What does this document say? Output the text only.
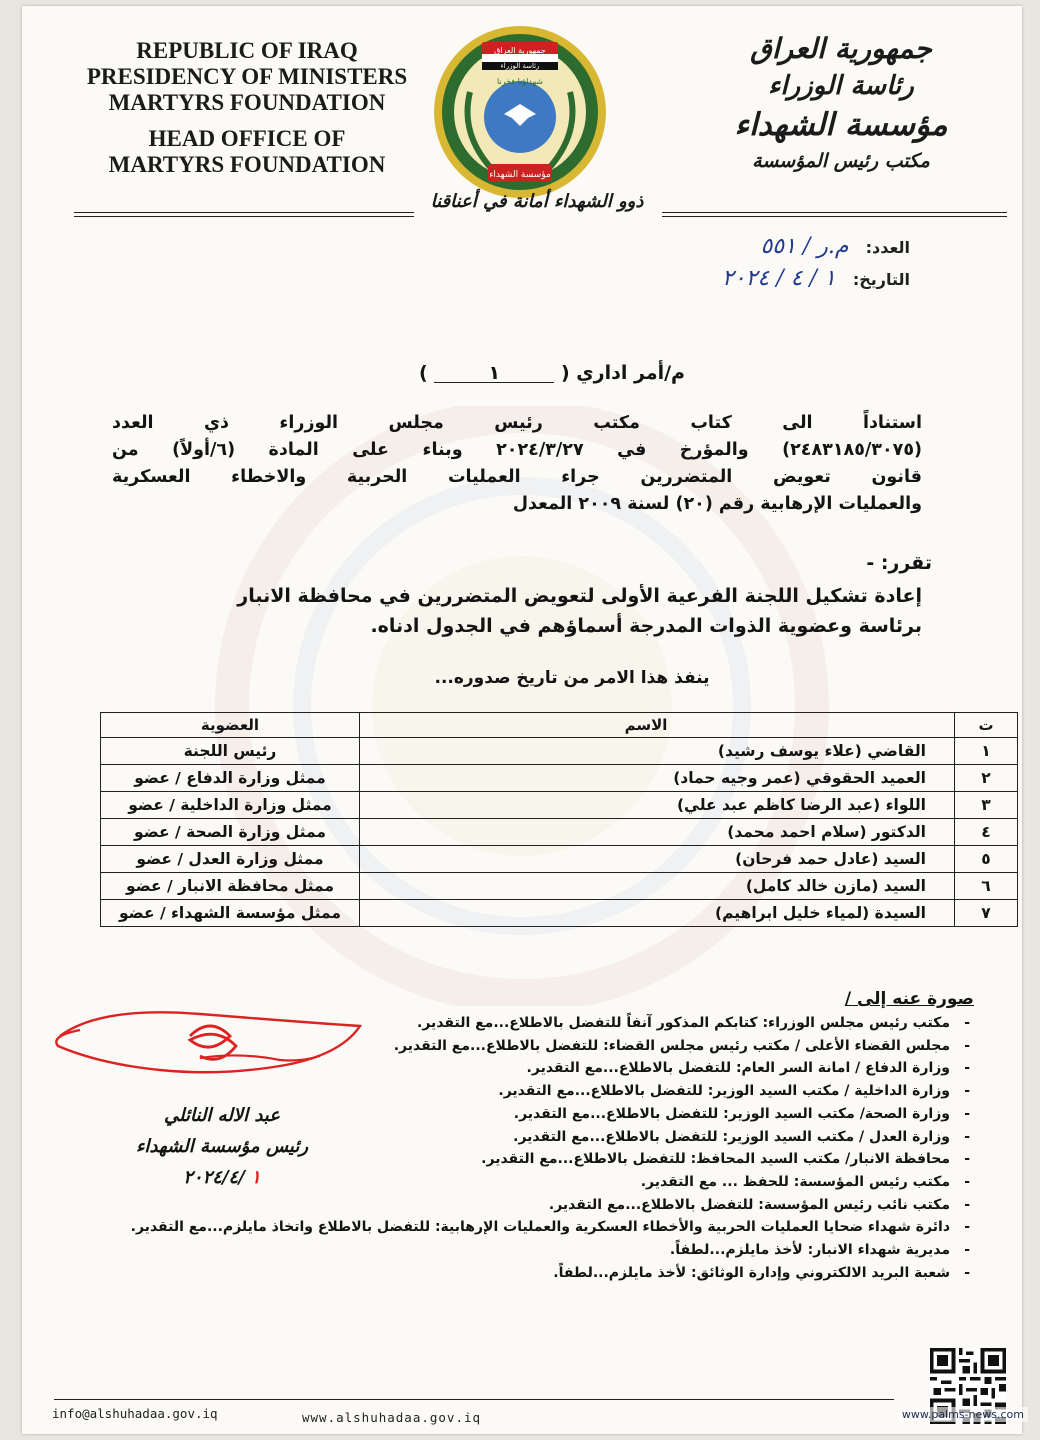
REPUBLIC OF IRAQ
PRESIDENCY OF MINISTERS
MARTYRS FOUNDATION
HEAD OFFICE OF
MARTYRS FOUNDATION
جمهورية العراق
رئاسة الوزراء
شهداؤنا فخرنا
مؤسسة الشهداء
جمهورية العراق
رئاسة الوزراء
مؤسسة الشهداء
مكتب رئيس المؤسسة
ذوو الشهداء أمانة في أعناقنا
العدد: م.ر / ٥٥١
التاريخ: ١ / ٤ / ٢٠٢٤
م/أمر اداري ( ١ )
استناداً الى كتاب مكتب رئيس مجلس الوزراء ذي العدد
(٢٤٨٣١٨٥/٣٠٧٥) والمؤرخ في ٢٠٢٤/٣/٢٧ وبناء على المادة (٦/أولاً) من
قانون تعويض المتضررين جراء العمليات الحربية والاخطاء العسكرية
والعمليات الإرهابية رقم (٢٠) لسنة ٢٠٠٩ المعدل
تقرر: -
إعادة تشكيل اللجنة الفرعية الأولى لتعويض المتضررين في محافظة الانبار
برئاسة وعضوية الذوات المدرجة أسماؤهم في الجدول ادناه.
ينفذ هذا الامر من تاريخ صدوره...
ت	الاسم	العضوية
١	القاضي (علاء يوسف رشيد)	رئيس اللجنة
٢	العميد الحقوقي (عمر وجيه حماد)	ممثل وزارة الدفاع / عضو
٣	اللواء (عبد الرضا كاظم عبد علي)	ممثل وزارة الداخلية / عضو
٤	الدكتور (سلام احمد محمد)	ممثل وزارة الصحة / عضو
٥	السيد (عادل حمد فرحان)	ممثل وزارة العدل / عضو
٦	السيد (مازن خالد كامل)	ممثل محافظة الانبار / عضو
٧	السيدة (لمياء خليل ابراهيم)	ممثل مؤسسة الشهداء / عضو
عبد الاله النائلي
رئيس مؤسسة الشهداء
١ /٢٠٢٤/٤
صورة عنه إلى /
- مكتب رئيس مجلس الوزراء: كتابكم المذكور آنفاً للتفضل بالاطلاع...مع التقدير.
- مجلس القضاء الأعلى / مكتب رئيس مجلس القضاء: للتفضل بالاطلاع...مع التقدير.
- وزارة الدفاع / امانة السر العام: للتفضل بالاطلاع...مع التقدير.
- وزارة الداخلية / مكتب السيد الوزير: للتفضل بالاطلاع...مع التقدير.
- وزارة الصحة/ مكتب السيد الوزير: للتفضل بالاطلاع...مع التقدير.
- وزارة العدل / مكتب السيد الوزير: للتفضل بالاطلاع...مع التقدير.
- محافظة الانبار/ مكتب السيد المحافظ: للتفضل بالاطلاع...مع التقدير.
- مكتب رئيس المؤسسة: للحفظ ... مع التقدير.
- مكتب نائب رئيس المؤسسة: للتفضل بالاطلاع...مع التقدير.
- دائرة شهداء ضحايا العمليات الحربية والأخطاء العسكرية والعمليات الإرهابية: للتفضل بالاطلاع واتخاذ مايلزم...مع التقدير.
- مديرية شهداء الانبار: لأخذ مايلزم...لطفاً.
- شعبة البريد الالكتروني وإدارة الوثائق: لأخذ مايلزم...لطفاً.
info@alshuhadaa.gov.iq	www.alshuhadaa.gov.iq	www.palms-news.com
